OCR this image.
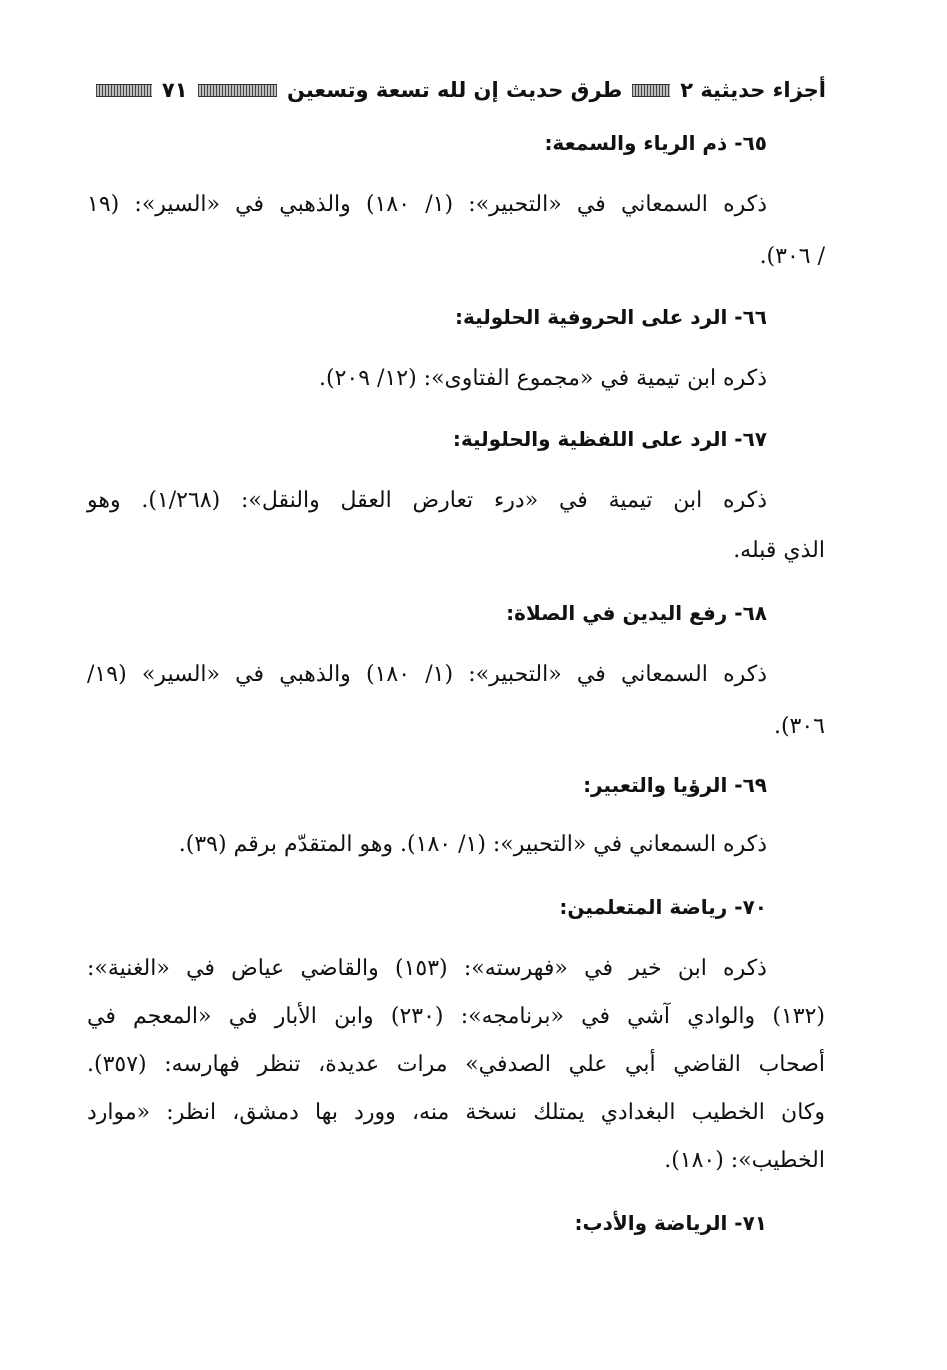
أجزاء حديثية ٢
طرق حديث إن لله تسعة وتسعين
٧١
٦٥- ذم الرياء والسمعة:
ذكره السمعاني في «التحبير»: (١/ ١٨٠) والذهبي في «السير»: (١٩
/ ٣٠٦).
٦٦- الرد على الحروفية الحلولية:
ذكره ابن تيمية في «مجموع الفتاوى»: (١٢/ ٢٠٩).
٦٧- الرد على اللفظية والحلولية:
ذكره ابن تيمية في «درء تعارض العقل والنقل»: (١/٢٦٨). وهو
الذي قبله.
٦٨- رفع اليدين في الصلاة:
ذكره السمعاني في «التحبير»: (١/ ١٨٠) والذهبي في «السير» (١٩/
٣٠٦).
٦٩- الرؤيا والتعبير:
ذكره السمعاني في «التحبير»: (١/ ١٨٠). وهو المتقدّم برقم (٣٩).
٧٠- رياضة المتعلمين:
ذكره ابن خير في «فهرسته»: (١٥٣) والقاضي عياض في «الغنية»:
(١٣٢) والوادي آشي في «برنامجه»: (٢٣٠) وابن الأبار في «المعجم في
أصحاب القاضي أبي علي الصدفي» مرات عديدة، تنظر فهارسه: (٣٥٧).
وكان الخطيب البغدادي يمتلك نسخة منه، وورد بها دمشق، انظر: «موارد
الخطيب»: (١٨٠).
٧١- الرياضة والأدب:
